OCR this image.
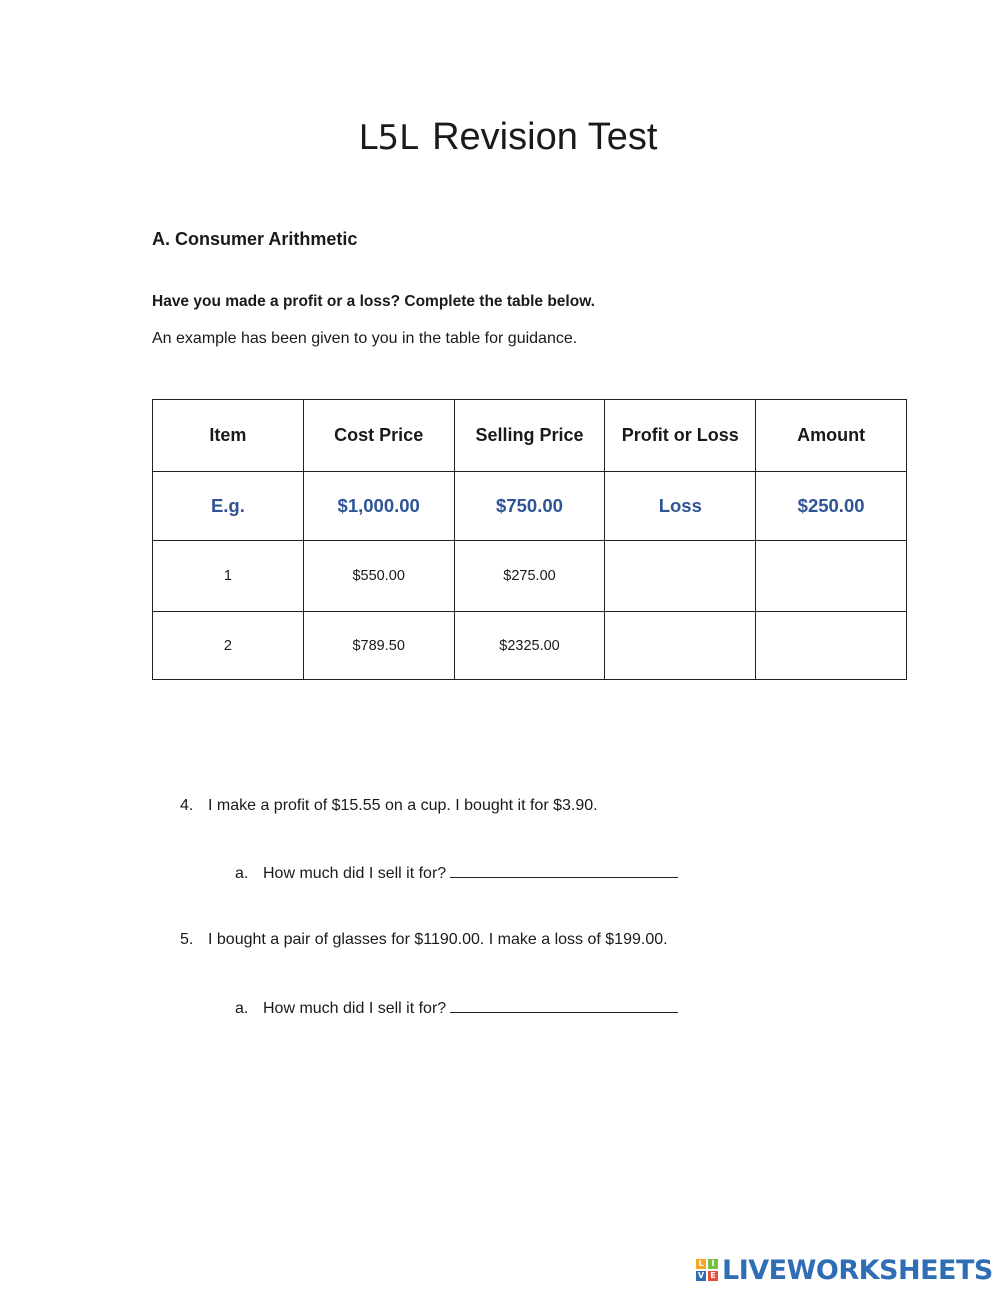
L5L Revision Test
A. Consumer Arithmetic
Have you made a profit or a loss? Complete the table below.
An example has been given to you in the table for guidance.
Item	Cost Price	Selling Price	Profit or Loss	Amount
E.g.	$1,000.00	$750.00	Loss	$250.00
1	$550.00	$275.00		
2	$789.50	$2325.00		
4. I make a profit of $15.55 on a cup. I bought it for $3.90.
a. How much did I sell it for?
5. I bought a pair of glasses for $1190.00. I make a loss of $199.00.
a. How much did I sell it for?
L I
V E LIVEWORKSHEETS
